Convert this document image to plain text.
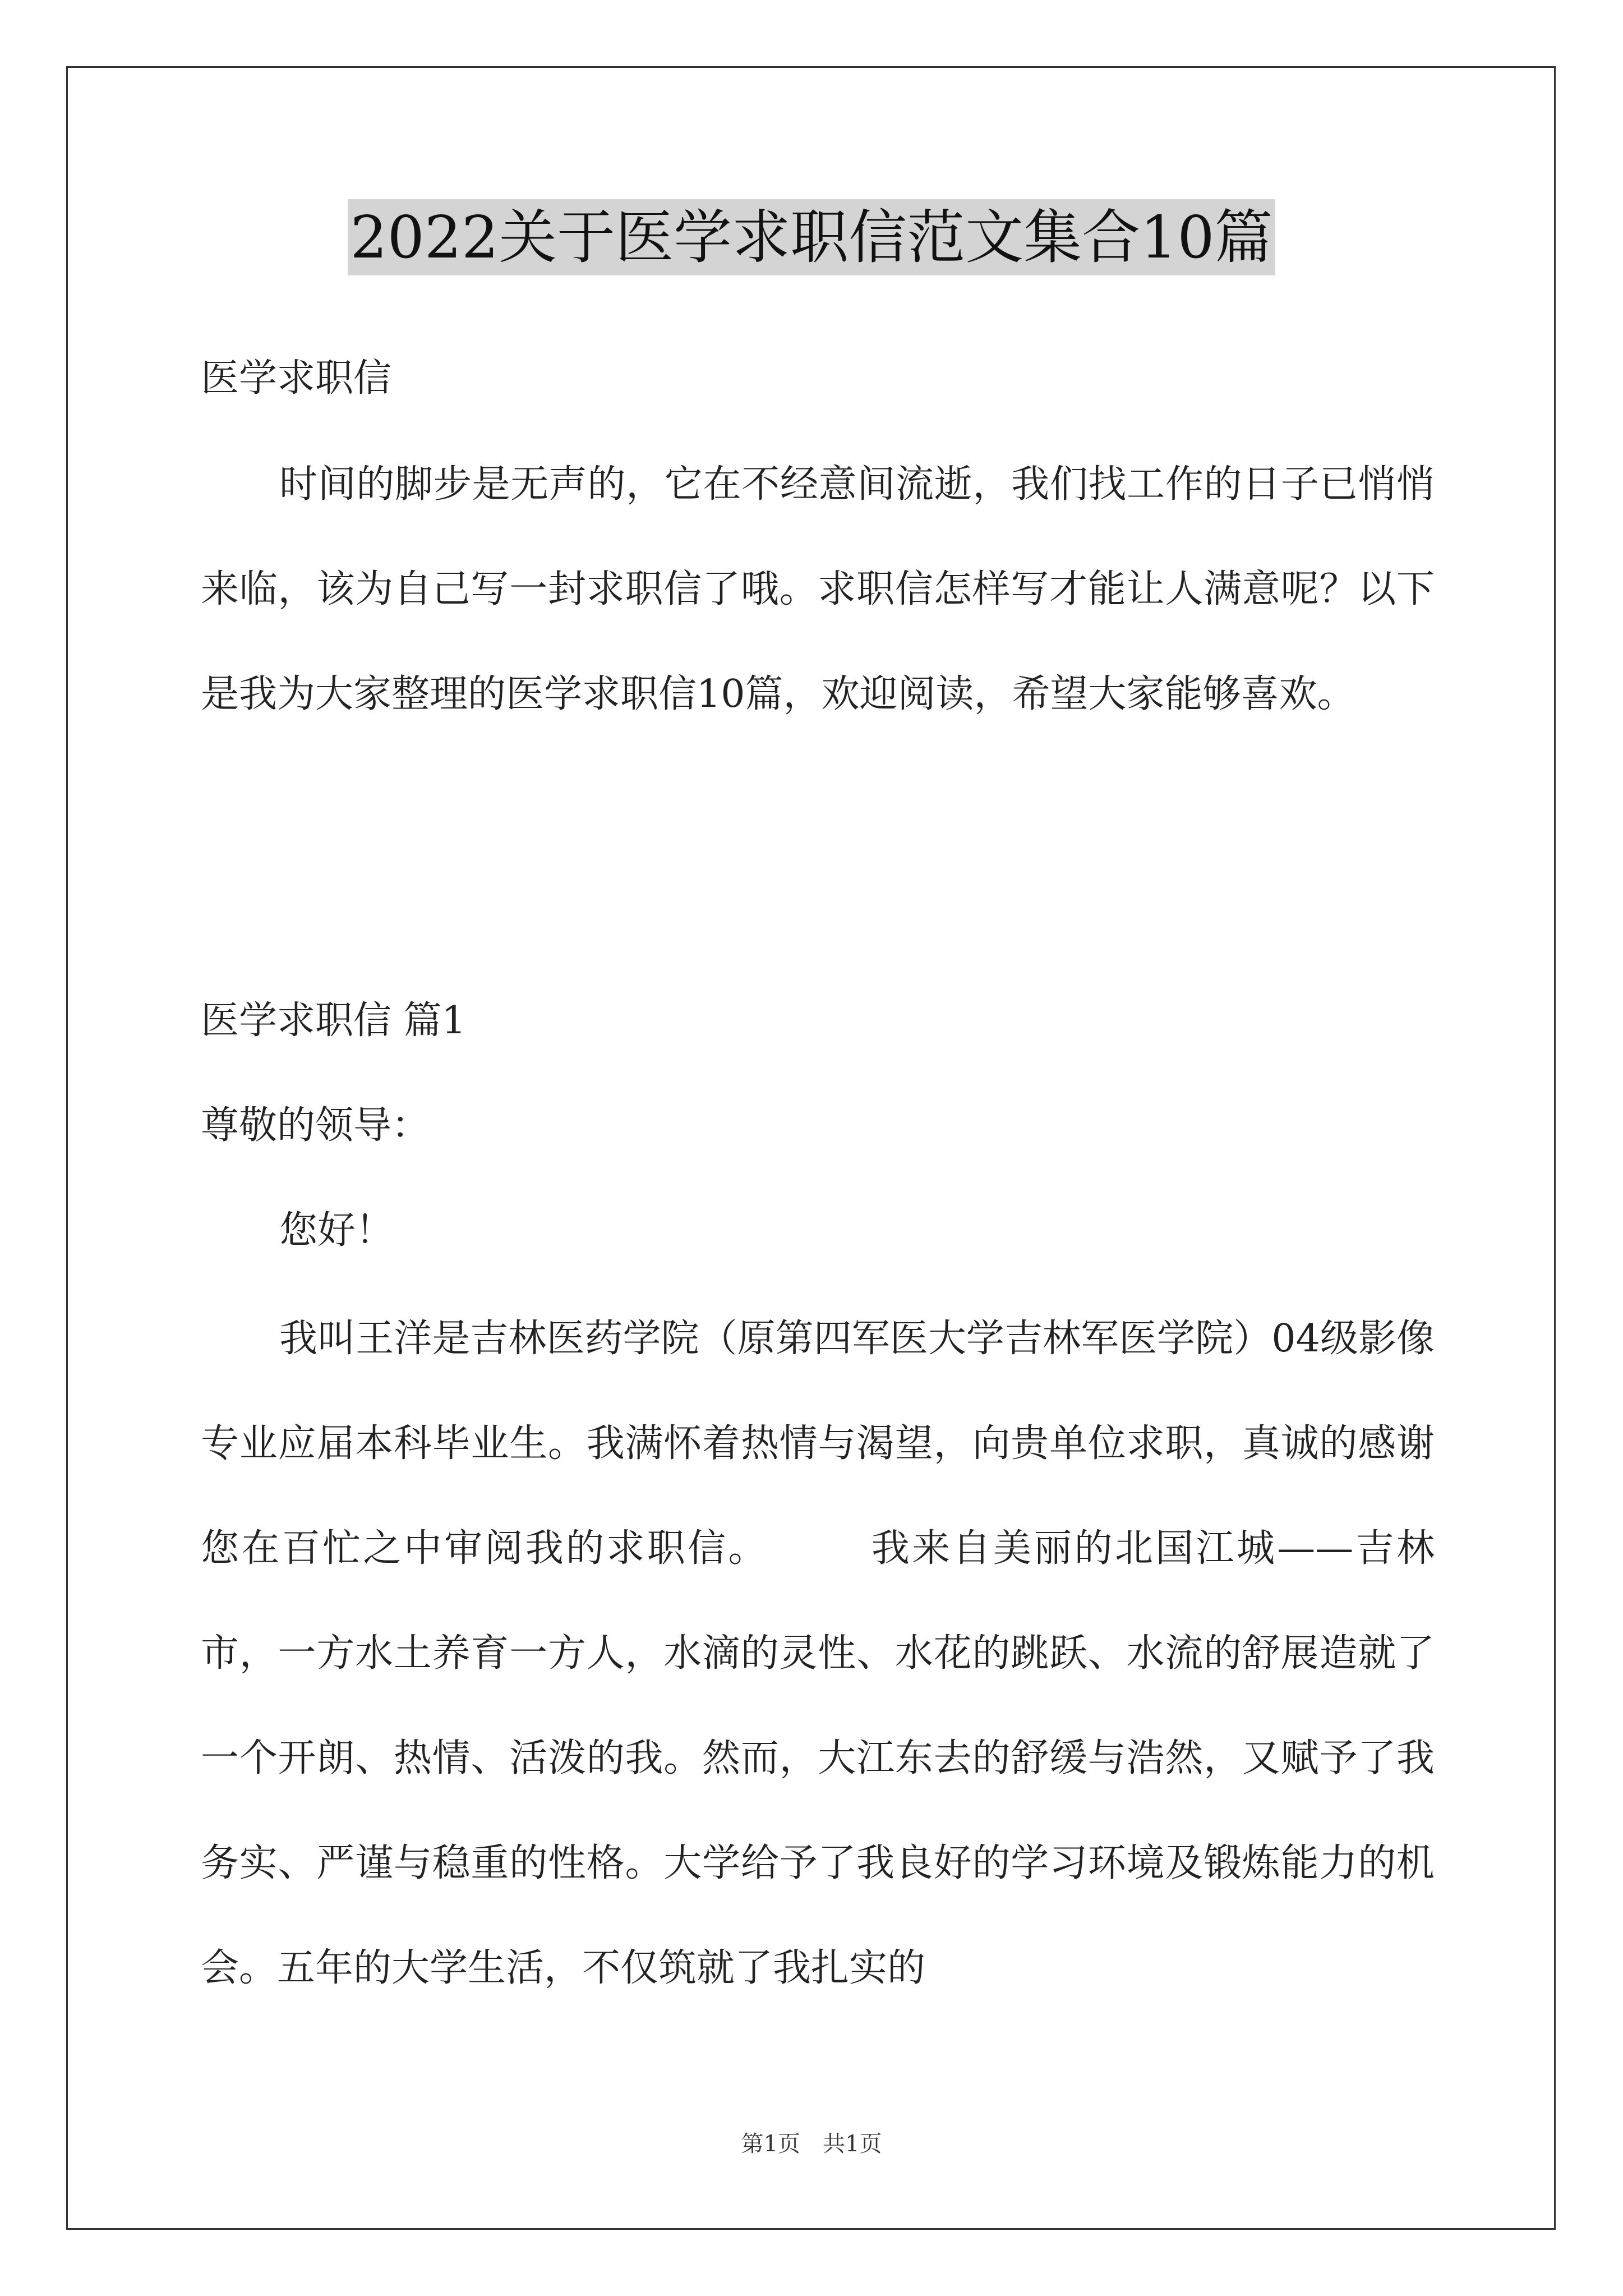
2022关于医学求职信范文集合10篇
医学求职信
时间的脚步是无声的，它在不经意间流逝，我们找工作的日子已悄悄来临，该为自己写一封求职信了哦。求职信怎样写才能让人满意呢？以下是我为大家整理的医学求职信10篇，欢迎阅读，希望大家能够喜欢。
医学求职信 篇1
尊敬的领导：
您好！
我叫王洋是吉林医药学院（原第四军医大学吉林军医学院）04级影像专业应届本科毕业生。我满怀着热情与渴望，向贵单位求职，真诚的感谢您在百忙之中审阅我的求职信。　　　我来自美丽的北国江城——吉林市，一方水土养育一方人，水滴的灵性、水花的跳跃、水流的舒展造就了一个开朗、热情、活泼的我。然而，大江东去的舒缓与浩然，又赋予了我务实、严谨与稳重的性格。大学给予了我良好的学习环境及锻炼能力的机会。五年的大学生活，不仅筑就了我扎实的
第1页 共1页
